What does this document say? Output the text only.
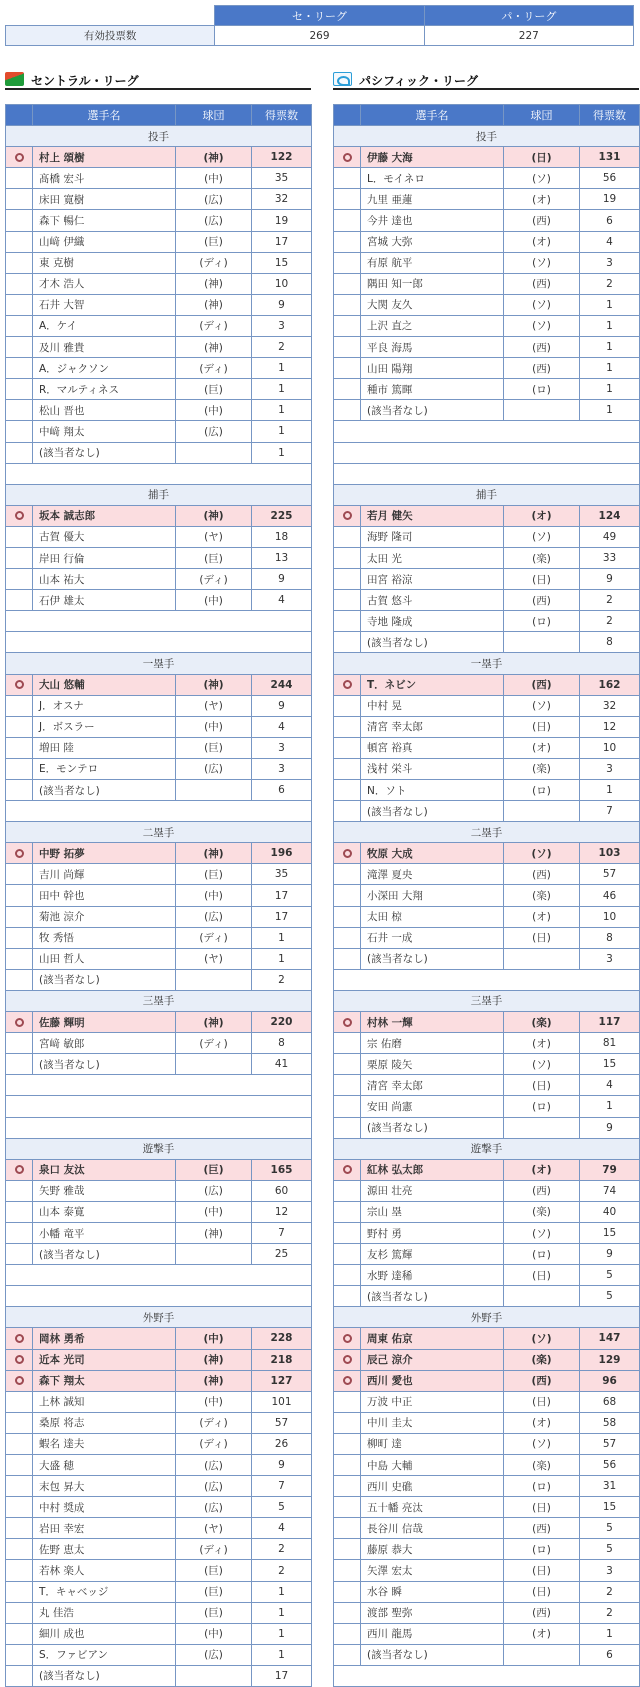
	セ・リーグ	パ・リーグ
有効投票数	269	227
セントラル・リーグ	パシフィック・リーグ
	選手名	球団	得票数
投手			
	村上 頌樹	(神)	122
	髙橋 宏斗	(中)	35
	床田 寛樹	(広)	32
	森下 暢仁	(広)	19
	山﨑 伊織	(巨)	17
	東 克樹	(ディ)	15
	才木 浩人	(神)	10
	石井 大智	(神)	9
	A．ケイ	(ディ)	3
	及川 雅貴	(神)	2
	A．ジャクソン	(ディ)	1
	R．マルティネス	(巨)	1
	松山 晋也	(中)	1
	中﨑 翔太	(広)	1
	(該当者なし)		1

捕手			
	坂本 誠志郎	(神)	225
	古賀 優大	(ヤ)	18
	岸田 行倫	(巨)	13
	山本 祐大	(ディ)	9
	石伊 雄太	(中)	4

一塁手			
	大山 悠輔	(神)	244
	J．オスナ	(ヤ)	9
	J．ボスラー	(中)	4
	増田 陸	(巨)	3
	E．モンテロ	(広)	3
	(該当者なし)		6

二塁手			
	中野 拓夢	(神)	196
	吉川 尚輝	(巨)	35
	田中 幹也	(中)	17
	菊池 涼介	(広)	17
	牧 秀悟	(ディ)	1
	山田 哲人	(ヤ)	1
	(該当者なし)		2
三塁手			
	佐藤 輝明	(神)	220
	宮﨑 敏郎	(ディ)	8
	(該当者なし)		41

遊撃手			
	泉口 友汰	(巨)	165
	矢野 雅哉	(広)	60
	山本 泰寛	(中)	12
	小幡 竜平	(神)	7
	(該当者なし)		25

外野手			
	岡林 勇希	(中)	228
	近本 光司	(神)	218
	森下 翔太	(神)	127
	上林 誠知	(中)	101
	桑原 将志	(ディ)	57
	蝦名 達夫	(ディ)	26
	大盛 穂	(広)	9
	末包 昇大	(広)	7
	中村 奨成	(広)	5
	岩田 幸宏	(ヤ)	4
	佐野 恵太	(ディ)	2
	若林 楽人	(巨)	2
	T．キャベッジ	(巨)	1
	丸 佳浩	(巨)	1
	細川 成也	(中)	1
	S．ファビアン	(広)	1
	(該当者なし)		17
	選手名	球団	得票数
投手			
	伊藤 大海	(日)	131
	L．モイネロ	(ソ)	56
	九里 亜蓮	(オ)	19
	今井 達也	(西)	6
	宮城 大弥	(オ)	4
	有原 航平	(ソ)	3
	隅田 知一郎	(西)	2
	大関 友久	(ソ)	1
	上沢 直之	(ソ)	1
	平良 海馬	(西)	1
	山田 陽翔	(西)	1
	種市 篤暉	(ロ)	1
	(該当者なし)		1

捕手			
	若月 健矢	(オ)	124
	海野 隆司	(ソ)	49
	太田 光	(楽)	33
	田宮 裕涼	(日)	9
	古賀 悠斗	(西)	2
	寺地 隆成	(ロ)	2
	(該当者なし)		8
一塁手			
	T．ネビン	(西)	162
	中村 晃	(ソ)	32
	清宮 幸太郎	(日)	12
	頓宮 裕真	(オ)	10
	浅村 栄斗	(楽)	3
	N．ソト	(ロ)	1
	(該当者なし)		7
二塁手			
	牧原 大成	(ソ)	103
	滝澤 夏央	(西)	57
	小深田 大翔	(楽)	46
	太田 椋	(オ)	10
	石井 一成	(日)	8
	(該当者なし)		3

三塁手			
	村林 一輝	(楽)	117
	宗 佑磨	(オ)	81
	栗原 陵矢	(ソ)	15
	清宮 幸太郎	(日)	4
	安田 尚憲	(ロ)	1
	(該当者なし)		9
遊撃手			
	紅林 弘太郎	(オ)	79
	源田 壮亮	(西)	74
	宗山 塁	(楽)	40
	野村 勇	(ソ)	15
	友杉 篤輝	(ロ)	9
	水野 達稀	(日)	5
	(該当者なし)		5
外野手			
	周東 佑京	(ソ)	147
	辰己 涼介	(楽)	129
	西川 愛也	(西)	96
	万波 中正	(日)	68
	中川 圭太	(オ)	58
	柳町 達	(ソ)	57
	中島 大輔	(楽)	56
	西川 史礁	(ロ)	31
	五十幡 亮汰	(日)	15
	長谷川 信哉	(西)	5
	藤原 恭大	(ロ)	5
	矢澤 宏太	(日)	3
	水谷 瞬	(日)	2
	渡部 聖弥	(西)	2
	西川 龍馬	(オ)	1
	(該当者なし)		6
